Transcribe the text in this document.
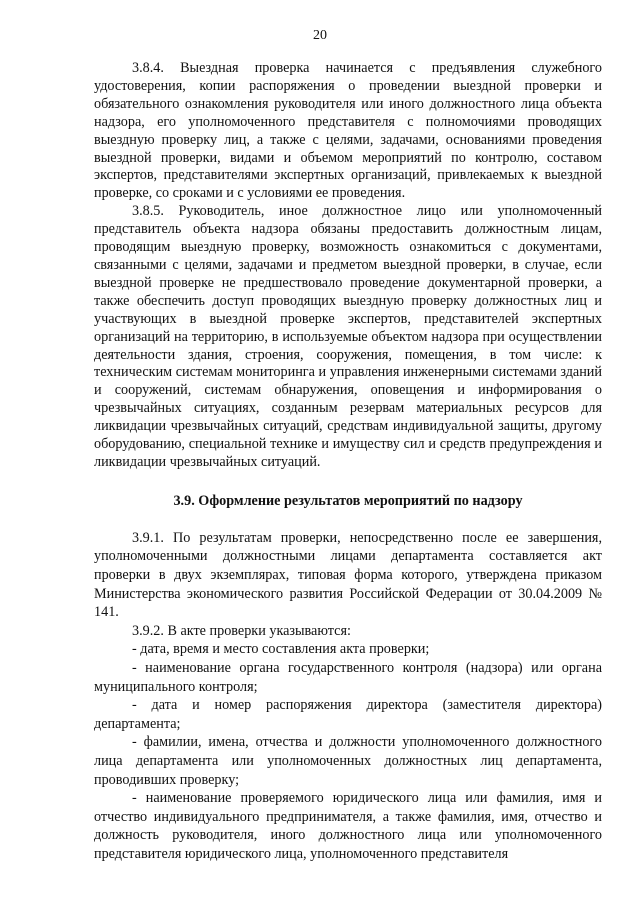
20

3.8.4. Выездная проверка начинается с предъявления служебного удостоверения, копии распоряжения о проведении выездной проверки и обязательного ознакомления руководителя или иного должностного лица объекта надзора, его уполномоченного представителя с полномочиями проводящих выездную проверку лиц, а также с целями, задачами, основаниями проведения выездной проверки, видами и объемом мероприятий по контролю, составом экспертов, представителями экспертных организаций, привлекаемых к выездной проверке, со сроками и с условиями ее проведения.

3.8.5. Руководитель, иное должностное лицо или уполномоченный представитель объекта надзора обязаны предоставить должностным лицам, проводящим выездную проверку, возможность ознакомиться с документами, связанными с целями, задачами и предметом выездной проверки, в случае, если выездной проверке не предшествовало проведение документарной проверки, а также обеспечить доступ проводящих выездную проверку должностных лиц и участвующих в выездной проверке экспертов, представителей экспертных организаций на территорию, в используемые объектом надзора при осуществлении деятельности здания, строения, сооружения, помещения, в том числе: к техническим системам мониторинга и управления инженерными системами зданий и сооружений, системам обнаружения, оповещения и информирования о чрезвычайных ситуациях, созданным резервам материальных ресурсов для ликвидации чрезвычайных ситуаций, средствам индивидуальной защиты, другому оборудованию, специальной технике и имуществу сил и средств предупреждения и ликвидации чрезвычайных ситуаций.

3.9. Оформление результатов мероприятий по надзору

3.9.1. По результатам проверки, непосредственно после ее завершения, уполномоченными должностными лицами департамента составляется акт проверки в двух экземплярах, типовая форма которого, утверждена приказом Министерства экономического развития Российской Федерации от 30.04.2009 № 141.

3.9.2. В акте проверки указываются:

- дата, время и место составления акта проверки;

- наименование органа государственного контроля (надзора) или органа муниципального контроля;

- дата и номер распоряжения директора (заместителя директора) департамента;

- фамилии, имена, отчества и должности уполномоченного должностного лица департамента или уполномоченных должностных лиц департамента, проводивших проверку;

- наименование проверяемого юридического лица или фамилия, имя и отчество индивидуального предпринимателя, а также фамилия, имя, отчество и должность руководителя, иного должностного лица или уполномоченного представителя юридического лица, уполномоченного представителя
